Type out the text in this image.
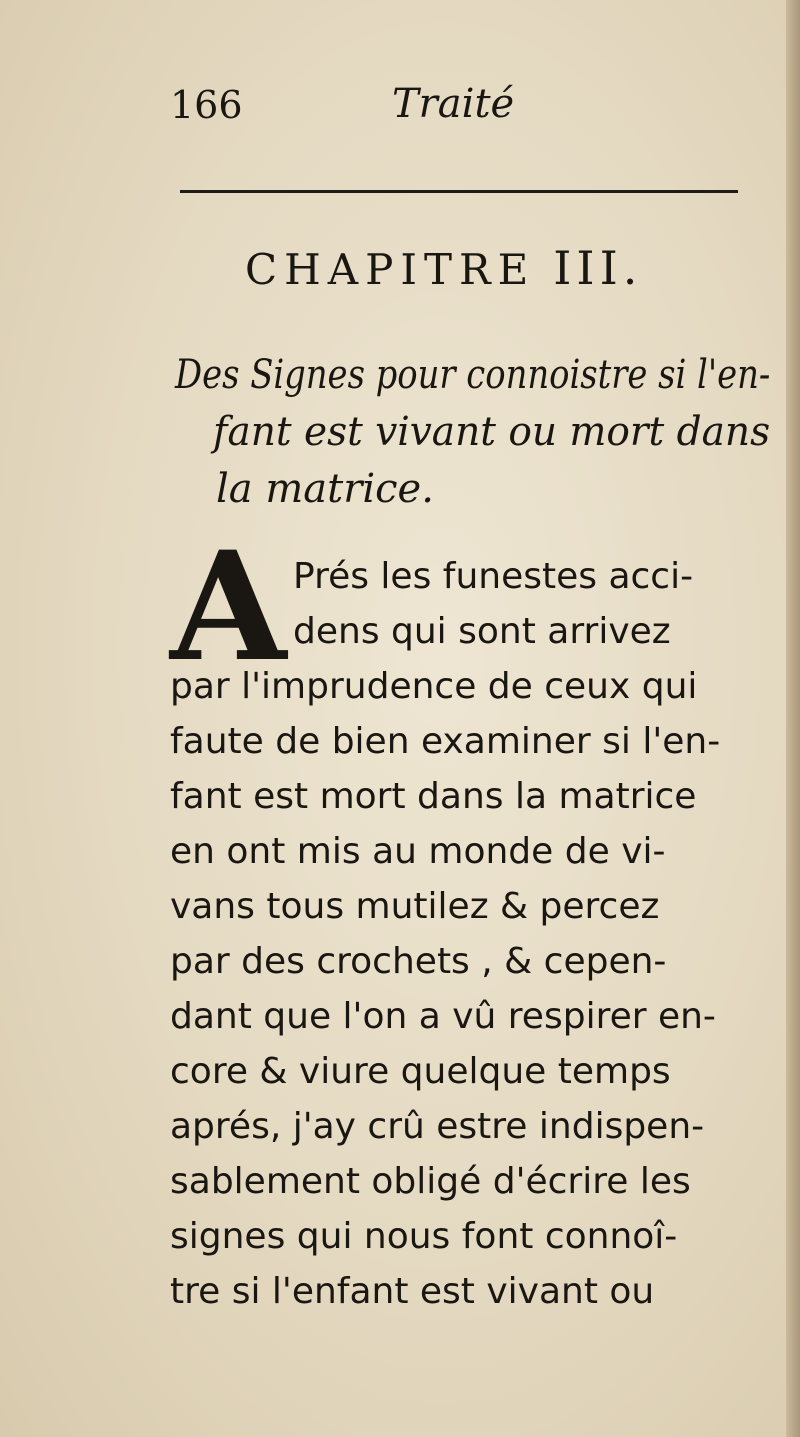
166	Traité
CHAPITRE III.
Des Signes pour connoistre si l'en-
fant est vivant ou mort dans
la matrice.
A Prés les funestes acci-
dens qui sont arrivez
par l'imprudence de ceux qui
faute de bien examiner si l'en-
fant est mort dans la matrice
en ont mis au monde de vi-
vans tous mutilez & percez
par des crochets , & cepen-
dant que l'on a vû respirer en-
core & viure quelque temps
aprés, j'ay crû estre indispen-
sablement obligé d'écrire les
signes qui nous font connoî-
tre si l'enfant est vivant ou
